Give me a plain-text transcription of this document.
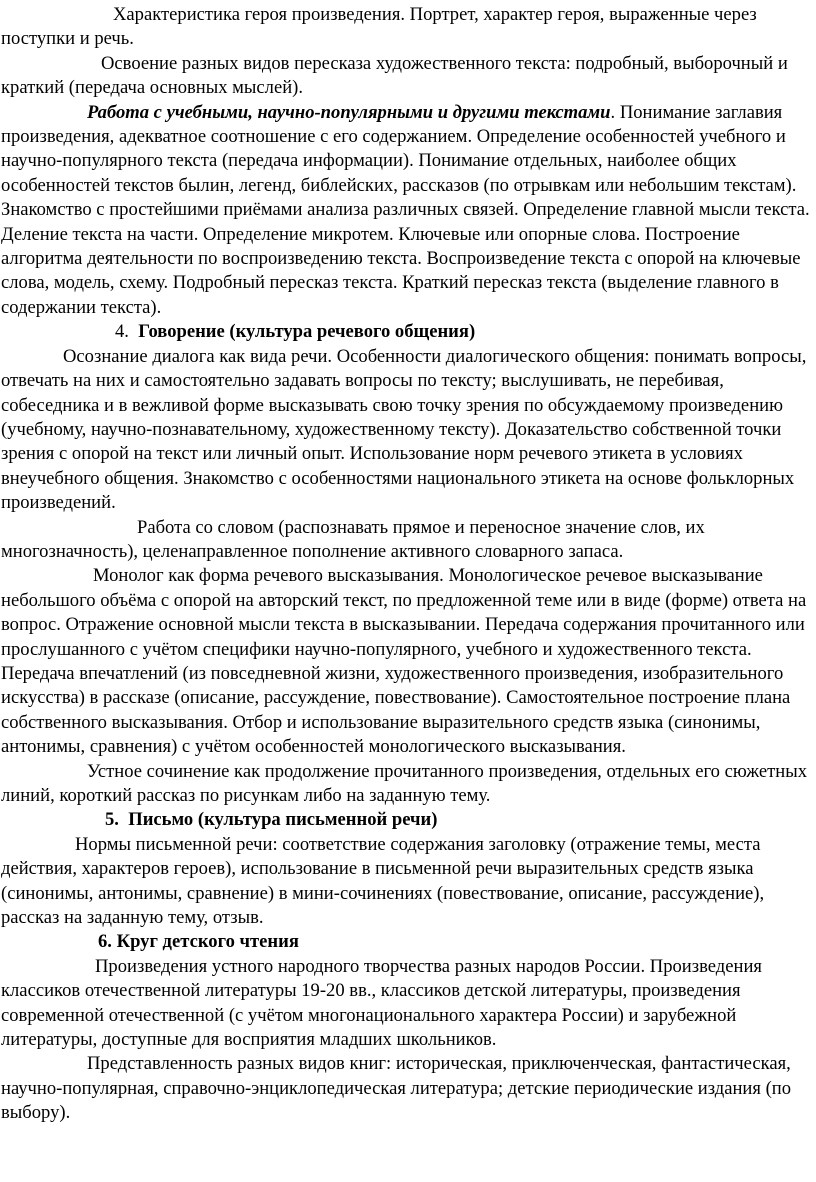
Характеристика героя произведения. Портрет, характер героя, выраженные через поступки и речь.

Освоение разных видов пересказа художественного текста: подробный, выборочный и краткий (передача основных мыслей).

Работа с учебными, научно-популярными и другими текстами. Понимание заглавия произведения, адекватное соотношение с его содержанием. Определение особенностей учебного и научно-популярного текста (передача информации). Понимание отдельных, наиболее общих особенностей текстов былин, легенд, библейских, рассказов (по отрывкам или небольшим текстам). Знакомство с простейшими приёмами анализа различных связей. Определение главной мысли текста. Деление текста на части. Определение микротем. Ключевые или опорные слова. Построение алгоритма деятельности по воспроизведению текста. Воспроизведение текста с опорой на ключевые слова, модель, схему. Подробный пересказ текста. Краткий пересказ текста (выделение главного в содержании текста).

4. Говорение (культура речевого общения)

Осознание диалога как вида речи. Особенности диалогического общения: понимать вопросы, отвечать на них и самостоятельно задавать вопросы по тексту; выслушивать, не перебивая, собеседника и в вежливой форме высказывать свою точку зрения по обсуждаемому произведению (учебному, научно-познавательному, художественному тексту). Доказательство собственной точки зрения с опорой на текст или личный опыт. Использование норм речевого этикета в условиях внеучебного общения. Знакомство с особенностями национального этикета на основе фольклорных произведений.

Работа со словом (распознавать прямое и переносное значение слов, их многозначность), целенаправленное пополнение активного словарного запаса.

Монолог как форма речевого высказывания. Монологическое речевое высказывание небольшого объёма с опорой на авторский текст, по предложенной теме или в виде (форме) ответа на вопрос. Отражение основной мысли текста в высказывании. Передача содержания прочитанного или прослушанного с учётом специфики научно-популярного, учебного и художественного текста. Передача впечатлений (из повседневной жизни, художественного произведения, изобразительного искусства) в рассказе (описание, рассуждение, повествование). Самостоятельное построение плана собственного высказывания. Отбор и использование выразительного средств языка (синонимы, антонимы, сравнения) с учётом особенностей монологического высказывания.

Устное сочинение как продолжение прочитанного произведения, отдельных его сюжетных линий, короткий рассказ по рисункам либо на заданную тему.

5. Письмо (культура письменной речи)

Нормы письменной речи: соответствие содержания заголовку (отражение темы, места действия, характеров героев), использование в письменной речи выразительных средств языка (синонимы, антонимы, сравнение) в мини-сочинениях (повествование, описание, рассуждение), рассказ на заданную тему, отзыв.

6. Круг детского чтения

Произведения устного народного творчества разных народов России. Произведения классиков отечественной литературы 19-20 вв., классиков детской литературы, произведения современной отечественной (с учётом многонационального характера России) и зарубежной литературы, доступные для восприятия младших школьников.

Представленность разных видов книг: историческая, приключенческая, фантастическая, научно-популярная, справочно-энциклопедическая литература; детские периодические издания (по выбору).
